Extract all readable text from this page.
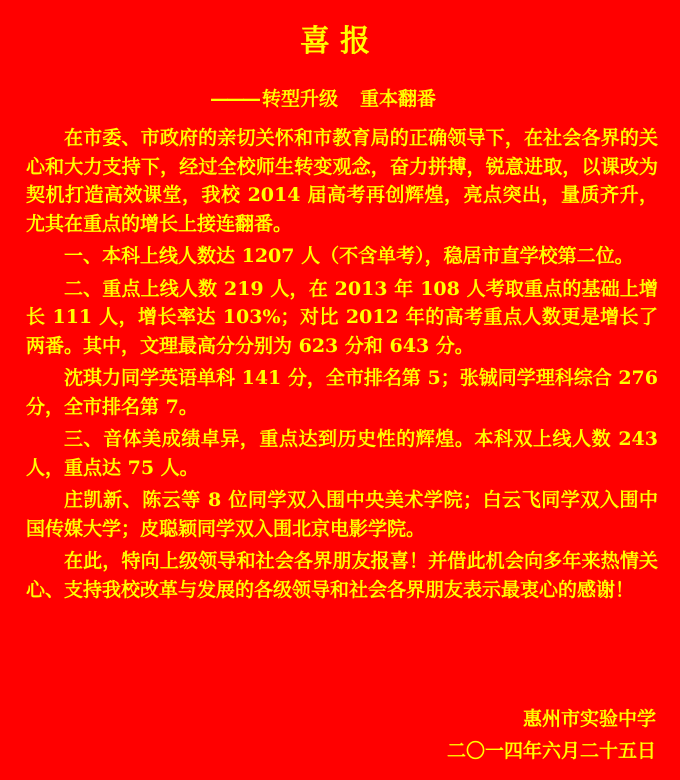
喜报
——— 转型升级 重本翻番

在市委、市政府的亲切关怀和市教育局的正确领导下，在社会各界的关心和大力支持下，经过全校师生转变观念，奋力拼搏，锐意进取，以课改为契机打造高效课堂，我校 2014 届高考再创辉煌，亮点突出，量质齐升，尤其在重点的增长上接连翻番。

一、本科上线人数达 1207 人（不含单考），稳居市直学校第二位。

二、重点上线人数 219 人，在 2013 年 108 人考取重点的基础上增长 111 人，增长率达 103%；对比 2012 年的高考重点人数更是增长了两番。其中，文理最高分分别为 623 分和 643 分。

沈琪力同学英语单科 141 分，全市排名第 5；张铖同学理科综合 276 分，全市排名第 7。

三、音体美成绩卓异，重点达到历史性的辉煌。本科双上线人数 243 人，重点达 75 人。

庄凯新、陈云等 8 位同学双入围中央美术学院；白云飞同学双入围中国传媒大学；皮聪颖同学双入围北京电影学院。

在此，特向上级领导和社会各界朋友报喜！并借此机会向多年来热情关心、支持我校改革与发展的各级领导和社会各界朋友表示最衷心的感谢！

惠州市实验中学
二〇一四年六月二十五日
